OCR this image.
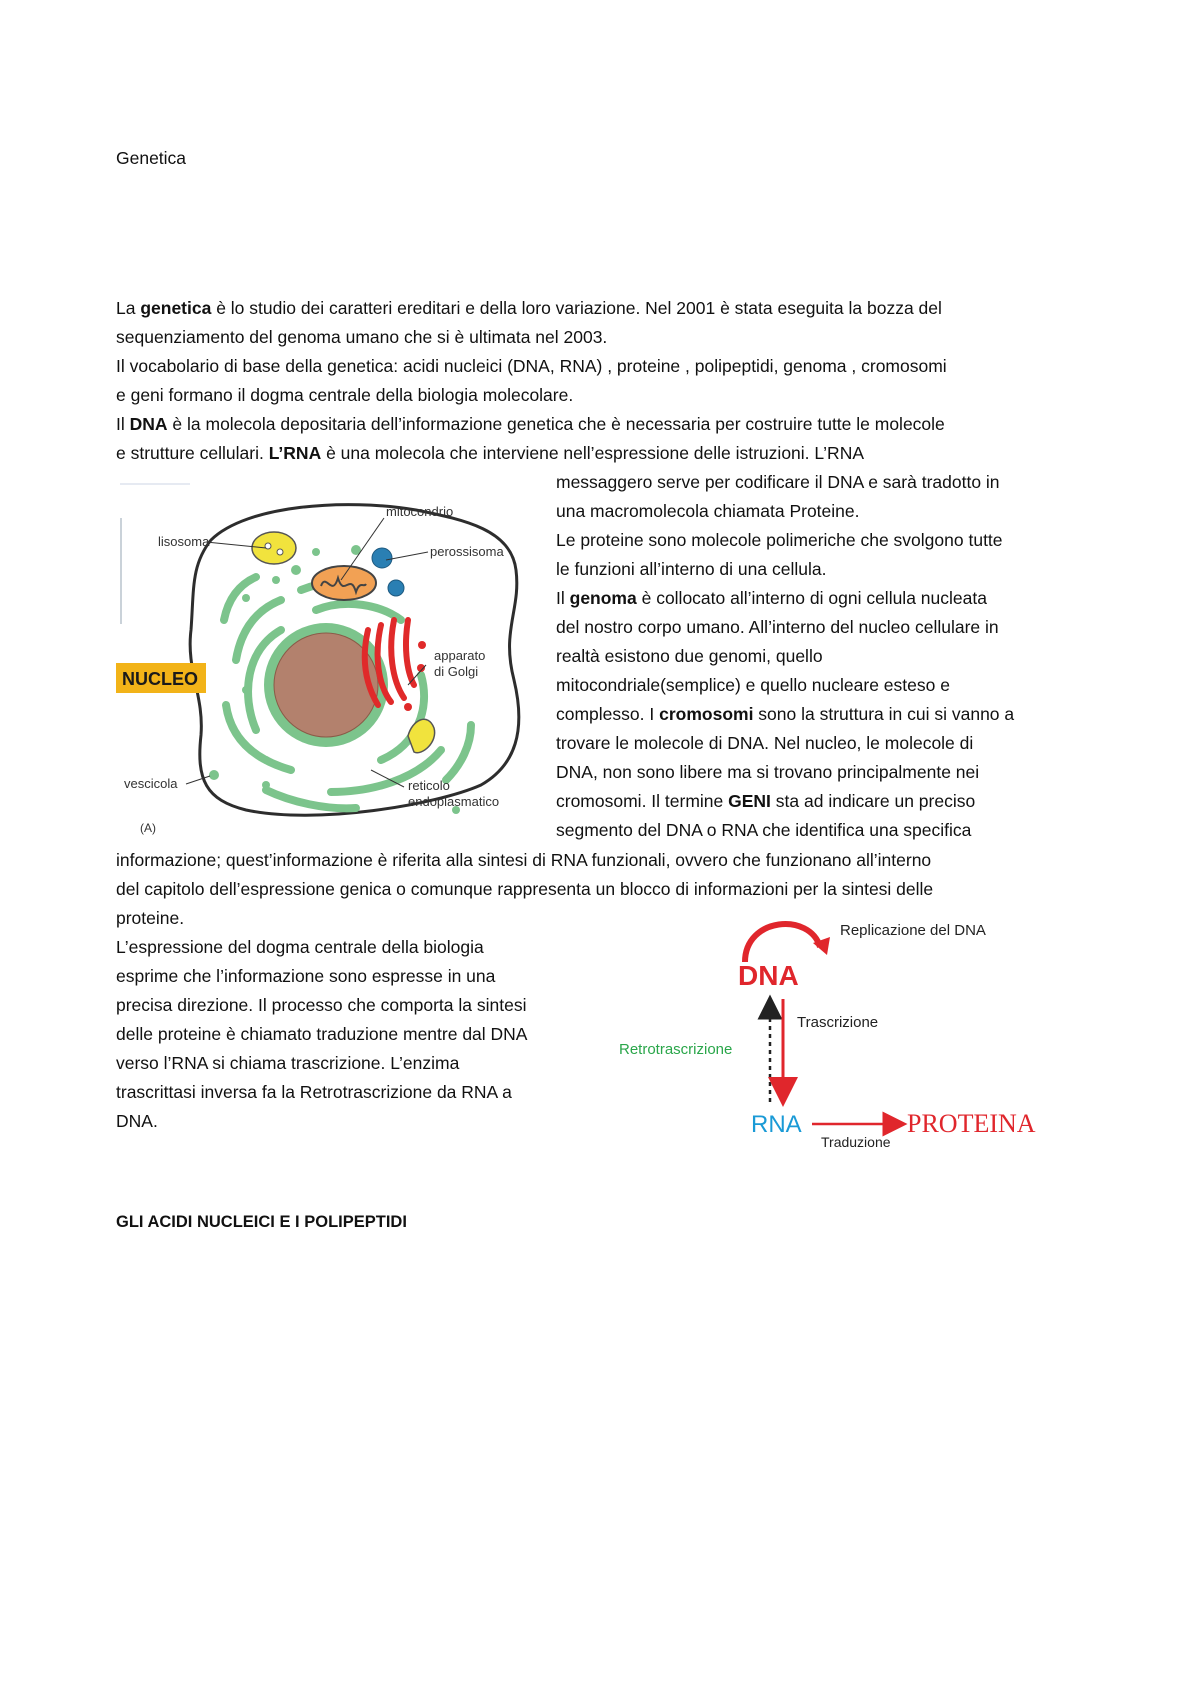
Genetica
La genetica è lo studio dei caratteri ereditari e della loro variazione. Nel 2001 è stata eseguita la bozza del
sequenziamento del genoma umano che si è ultimata nel 2003.
Il vocabolario di base della genetica: acidi nucleici (DNA, RNA) , proteine , polipeptidi, genoma , cromosomi
e geni formano il dogma centrale della biologia molecolare.
Il DNA è la molecola depositaria dell’informazione genetica che è necessaria per costruire tutte le molecole
e strutture cellulari. L’RNA è una molecola che interviene nell’espressione delle istruzioni. L’RNA
mitocondrio
lisosoma
perossisoma
apparato
di Golgi
NUCLEO
vescicola	reticolo
endoplasmatico
(A)
messaggero serve per codificare il DNA e sarà tradotto in
una macromolecola chiamata Proteine.
Le proteine sono molecole polimeriche che svolgono tutte
le funzioni all’interno di una cellula.
Il genoma è collocato all’interno di ogni cellula nucleata
del nostro corpo umano. All’interno del nucleo cellulare in
realtà esistono due genomi, quello
mitocondriale(semplice) e quello nucleare esteso e
complesso. I cromosomi sono la struttura in cui si vanno a
trovare le molecole di DNA. Nel nucleo, le molecole di
DNA, non sono libere ma si trovano principalmente nei
cromosomi. Il termine GENI sta ad indicare un preciso
segmento del DNA o RNA che identifica una specifica
informazione; quest’informazione è riferita alla sintesi di RNA funzionali, ovvero che funzionano all’interno
del capitolo dell’espressione genica o comunque rappresenta un blocco di informazioni per la sintesi delle
proteine.
L’espressione del dogma centrale della biologia
esprime che l’informazione sono espresse in una
precisa direzione. Il processo che comporta la sintesi
delle proteine è chiamato traduzione mentre dal DNA
verso l’RNA si chiama trascrizione. L’enzima
trascrittasi inversa fa la Retrotrascrizione da RNA a
DNA.
Replicazione del DNA
DNA
Trascrizione
Retrotrascrizione
RNA	PROTEINA
Traduzione
GLI ACIDI NUCLEICI E I POLIPEPTIDI
